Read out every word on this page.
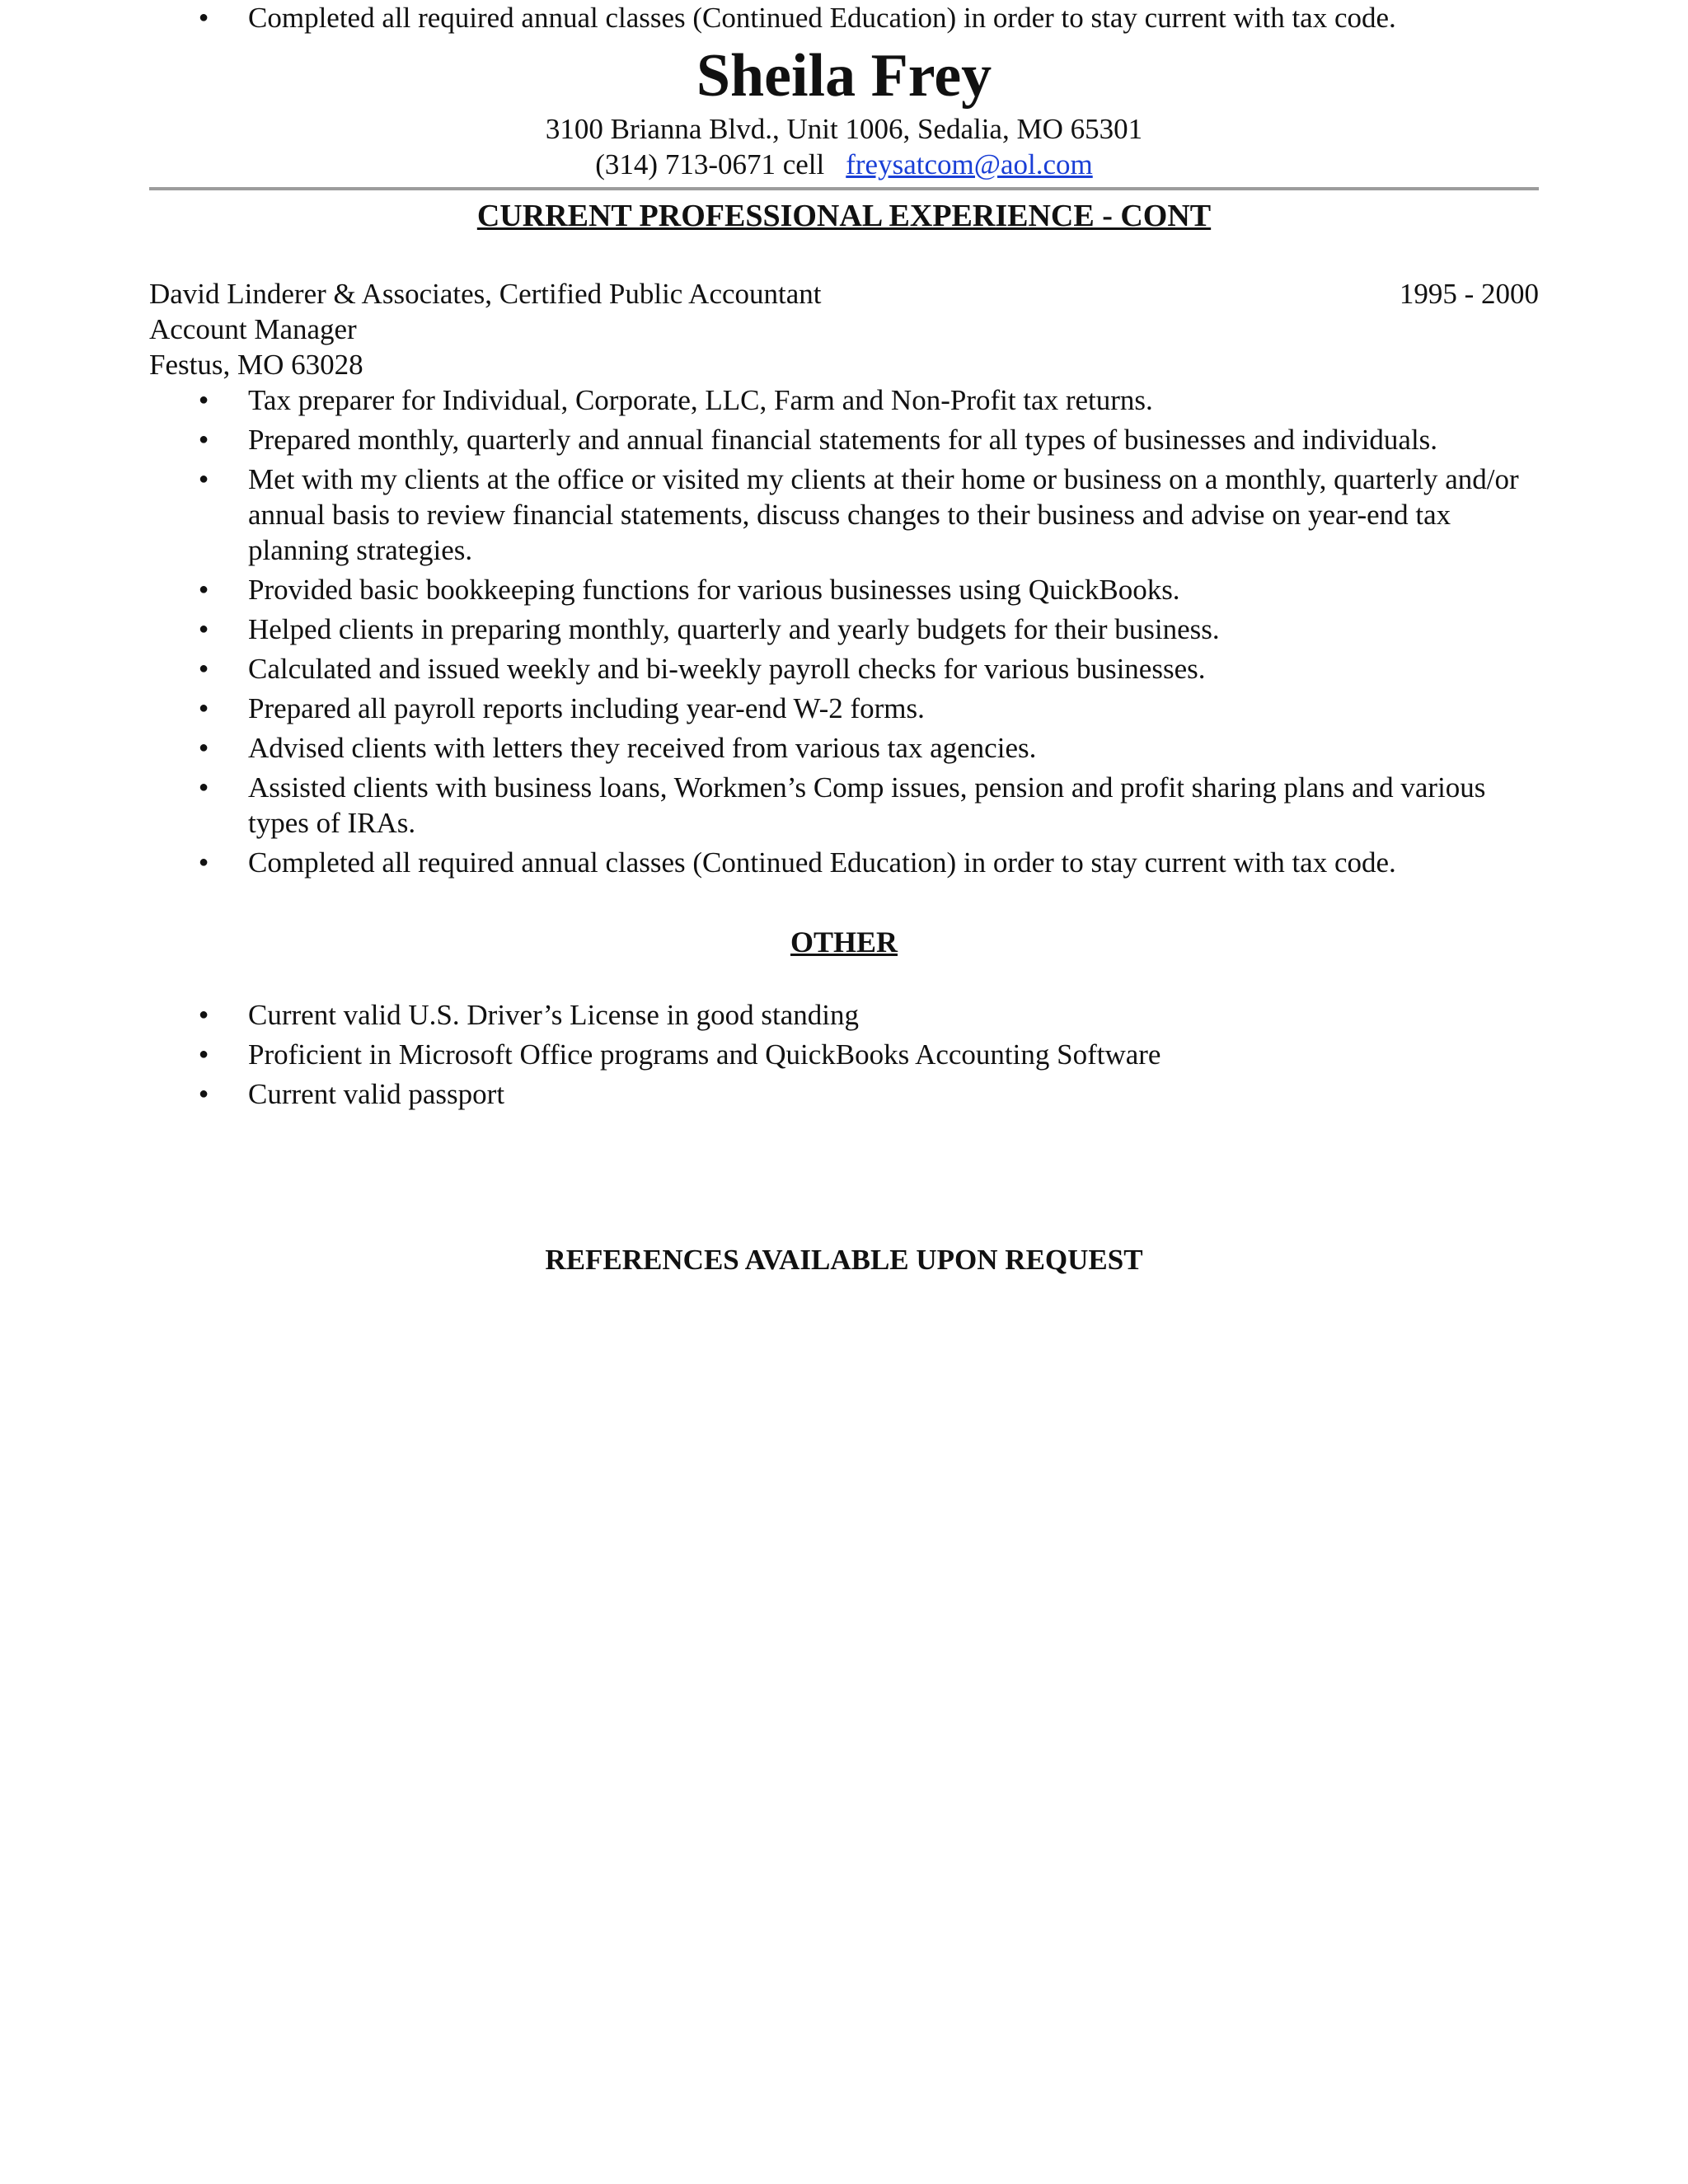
● Completed all required annual classes (Continued Education) in order to stay current with tax code.
Sheila Frey
3100 Brianna Blvd., Unit 1006, Sedalia, MO 65301
(314) 713-0671 cell freysatcom@aol.com
CURRENT PROFESSIONAL EXPERIENCE - CONT
David Linderer & Associates, Certified Public Accountant	1995 - 2000
Account Manager
Festus, MO 63028
● Tax preparer for Individual, Corporate, LLC, Farm and Non-Profit tax returns.
● Prepared monthly, quarterly and annual financial statements for all types of businesses and individuals.
● Met with my clients at the office or visited my clients at their home or business on a monthly, quarterly and/or annual basis to review financial statements, discuss changes to their business and advise on year-end tax planning strategies.
● Provided basic bookkeeping functions for various businesses using QuickBooks.
● Helped clients in preparing monthly, quarterly and yearly budgets for their business.
● Calculated and issued weekly and bi-weekly payroll checks for various businesses.
● Prepared all payroll reports including year-end W-2 forms.
● Advised clients with letters they received from various tax agencies.
● Assisted clients with business loans, Workmen’s Comp issues, pension and profit sharing plans and various types of IRAs.
● Completed all required annual classes (Continued Education) in order to stay current with tax code.
OTHER
● Current valid U.S. Driver’s License in good standing
● Proficient in Microsoft Office programs and QuickBooks Accounting Software
● Current valid passport
REFERENCES AVAILABLE UPON REQUEST
